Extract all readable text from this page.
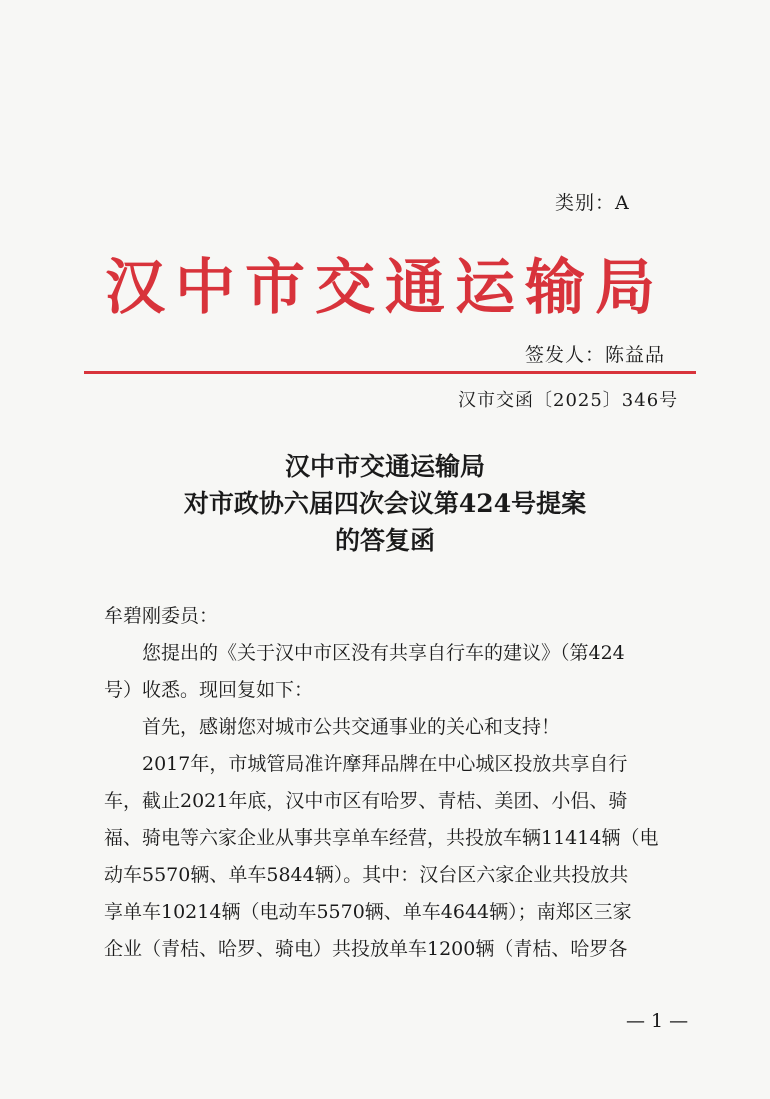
类别：A
汉中市交通运输局
签发人：陈益品
汉市交函〔2025〕346号
汉中市交通运输局
对市政协六届四次会议第424号提案
的答复函

牟碧刚委员：

您提出的《关于汉中市区没有共享自行车的建议》（第424

号）收悉。现回复如下：

首先，感谢您对城市公共交通事业的关心和支持！

2017年，市城管局准许摩拜品牌在中心城区投放共享自行

车，截止2021年底，汉中市区有哈罗、青桔、美团、小侣、骑

福、骑电等六家企业从事共享单车经营，共投放车辆11414辆（电

动车5570辆、单车5844辆）。其中：汉台区六家企业共投放共

享单车10214辆（电动车5570辆、单车4644辆）；南郑区三家

企业（青桔、哈罗、骑电）共投放单车1200辆（青桔、哈罗各

— 1 —
